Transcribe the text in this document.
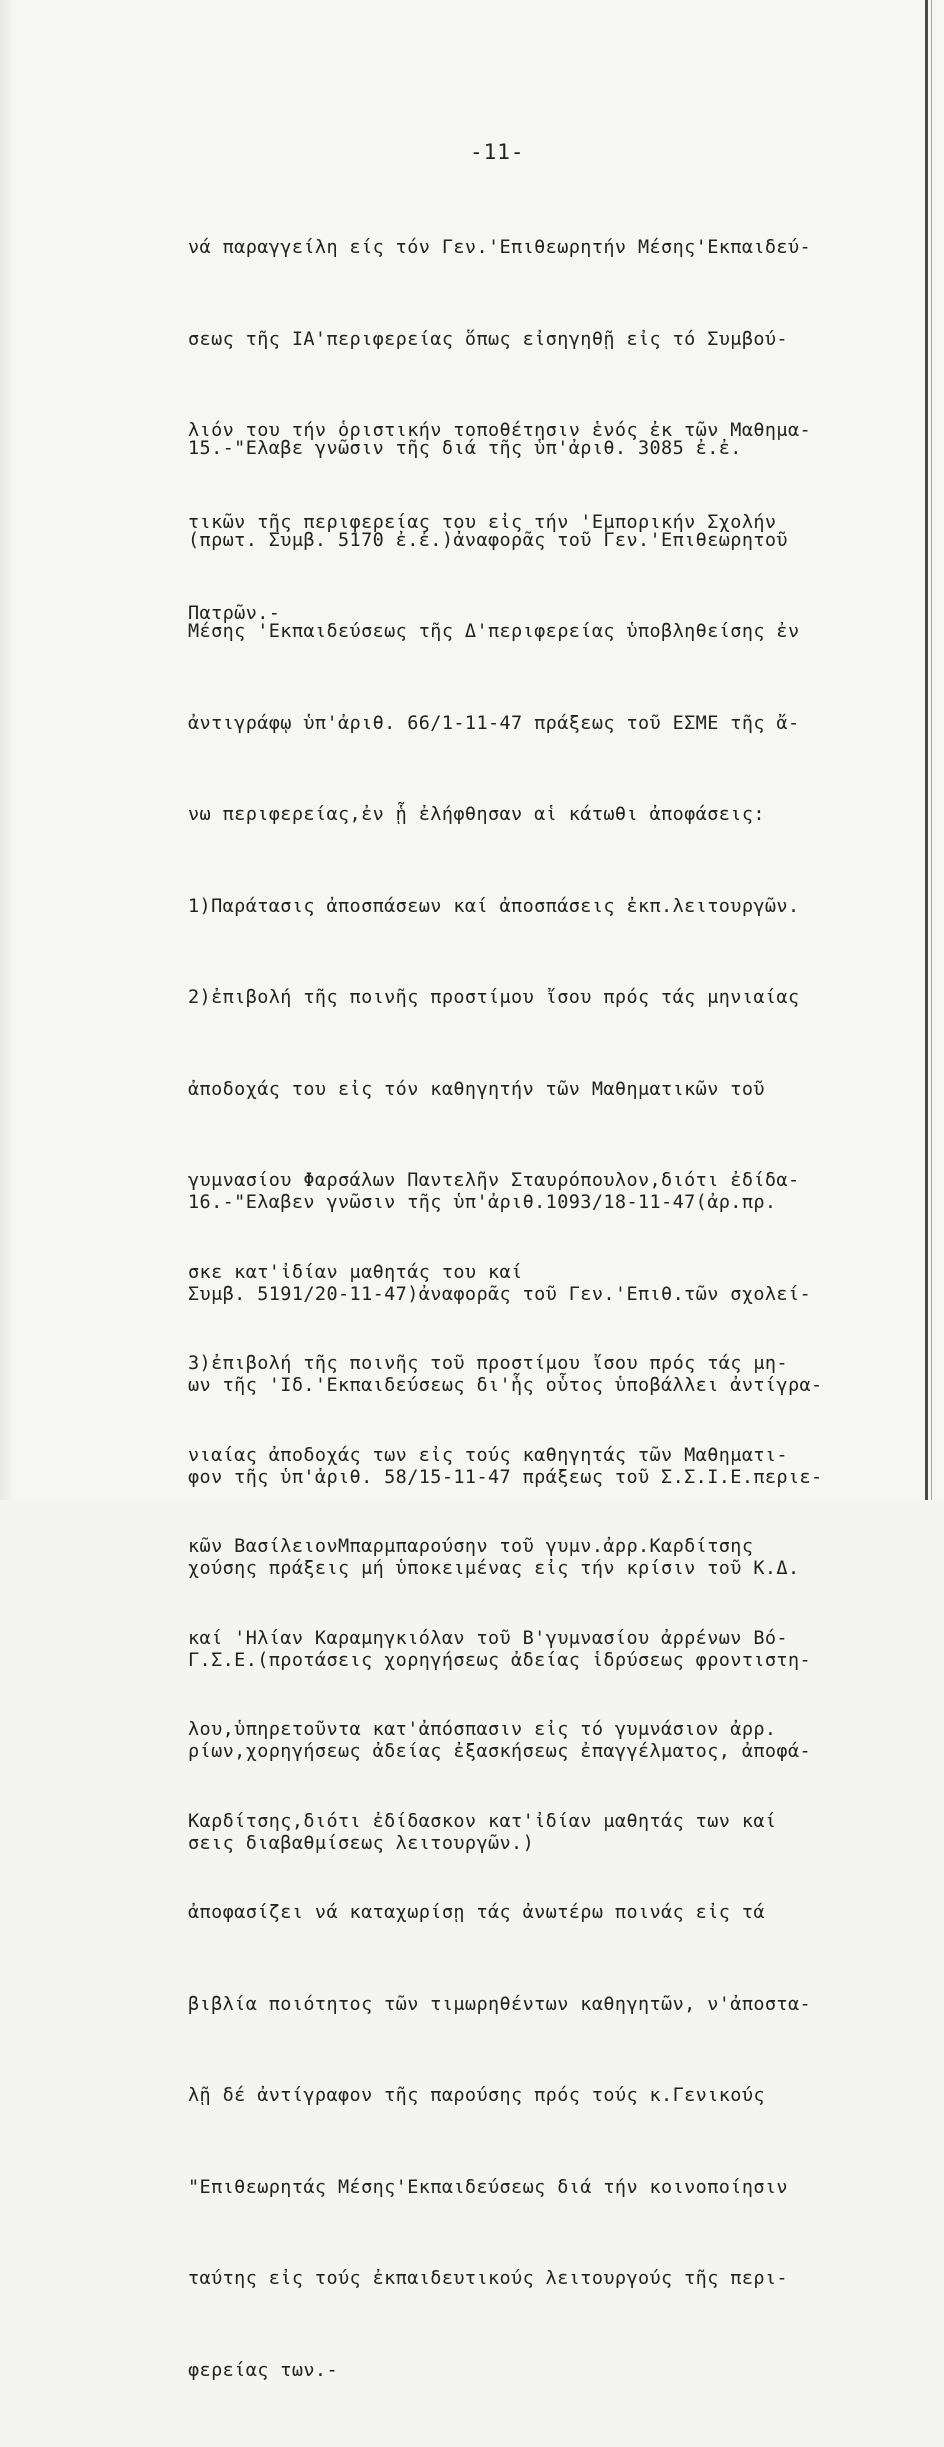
-11-

νά παραγγείλη είς τόν Γεν.'Επιθεωρητήν Μέσης'Εκπαιδεύ-

σεως τῆς ΙΑ'περιφερείας ὅπως εἰσηγηθῇ εἰς τό Συμβού-

λιόν του τήν ὁριστικήν τοποθέτησιν ἑνός ἐκ τῶν Μαθημα-

τικῶν τῆς περιφερείας του εἰς τήν 'Εμπορικήν Σχολήν

Πατρῶν.-

15.-"Ελαβε γνῶσιν τῆς διά τῆς ὑπ'ἀριθ. 3085 ἐ.ἐ.

(πρωτ. Συμβ. 5170 ἐ.ἐ.)ἀναφορᾶς τοῦ Γεν.'Επιθεωρητοῦ

Μέσης 'Εκπαιδεύσεως τῆς Δ'περιφερείας ὑποβληθείσης ἐν

ἀντιγράφῳ ὑπ'ἀριθ. 66/1-11-47 πράξεως τοῦ ΕΣΜΕ τῆς ἄ-

νω περιφερείας,ἐν ᾗ ἐλήφθησαν αἱ κάτωθι ἀποφάσεις:

1)Παράτασις ἀποσπάσεων καί ἀποσπάσεις ἐκπ.λειτουργῶν.

2)ἐπιβολή τῆς ποινῆς προστίμου ἴσου πρός τάς μηνιαίας

ἀποδοχάς του εἰς τόν καθηγητήν τῶν Μαθηματικῶν τοῦ

γυμνασίου Φαρσάλων Παντελῆν Σταυρόπουλον,διότι ἐδίδα-

σκε κατ'ἰδίαν μαθητάς του καί

3)ἐπιβολή τῆς ποινῆς τοῦ προστίμου ἴσου πρός τάς μη-

νιαίας ἀποδοχάς των εἰς τούς καθηγητάς τῶν Μαθηματι-

κῶν ΒασίλειονΜπαρμπαρούσην τοῦ γυμν.ἀρρ.Καρδίτσης

καί 'Ηλίαν Καραμηγκιόλαν τοῦ Β'γυμνασίου ἀρρένων Βό-

λου,ὑπηρετοῦντα κατ'ἀπόσπασιν εἰς τό γυμνάσιον ἀρρ.

Καρδίτσης,διότι ἐδίδασκον κατ'ἰδίαν μαθητάς των καί

ἀποφασίζει νά καταχωρίσῃ τάς ἀνωτέρω ποινάς εἰς τά

βιβλία ποιότητος τῶν τιμωρηθέντων καθηγητῶν, ν'ἀποστα-

λῇ δέ ἀντίγραφον τῆς παρούσης πρός τούς κ.Γενικούς

"Επιθεωρητάς Μέσης'Εκπαιδεύσεως διά τήν κοινοποίησιν

ταύτης εἰς τούς ἐκπαιδευτικούς λειτουργούς τῆς περι-

φερείας των.-

16.-"Ελαβεν γνῶσιν τῆς ὑπ'ἀριθ.1093/18-11-47(ἀρ.πρ.

Συμβ. 5191/20-11-47)ἀναφορᾶς τοῦ Γεν.'Επιθ.τῶν σχολεί-

ων τῆς 'Ιδ.'Εκπαιδεύσεως δι'ἧς οὗτος ὑποβάλλει ἀντίγρα-

φον τῆς ὑπ'ἀριθ. 58/15-11-47 πράξεως τοῦ Σ.Σ.Ι.Ε.περιε-

χούσης πράξεις μή ὑποκειμένας εἰς τήν κρίσιν τοῦ Κ.Δ.

Γ.Σ.Ε.(προτάσεις χορηγήσεως ἀδείας ἱδρύσεως φροντιστη-

ρίων,χορηγήσεως ἀδείας ἐξασκήσεως ἐπαγγέλματος, ἀποφά-

σεις διαβαθμίσεως λειτουργῶν.)
